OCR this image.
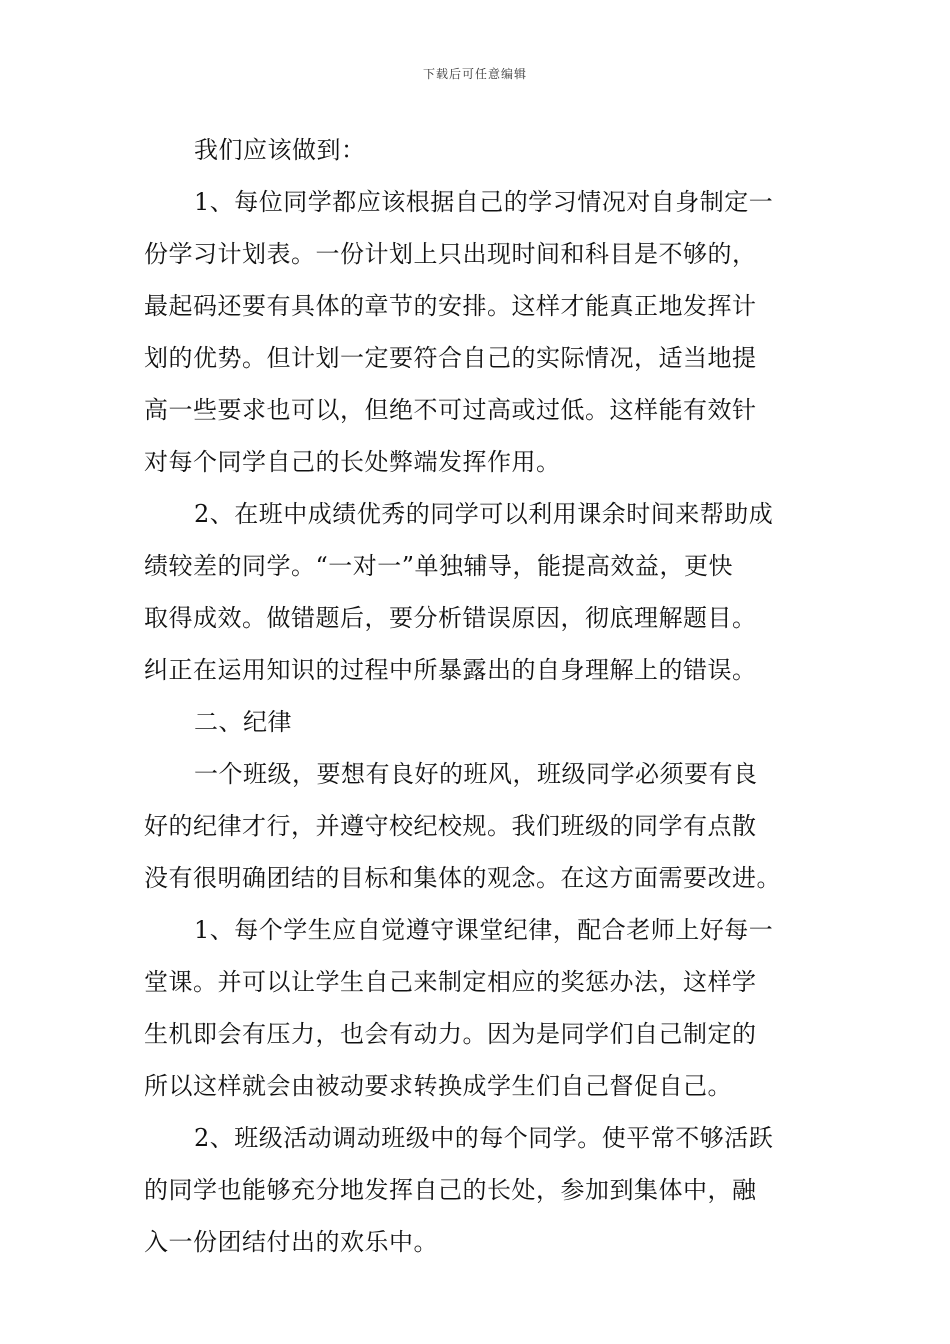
下载后可任意编辑
我们应该做到：
1、每位同学都应该根据自己的学习情况对自身制定一
份学习计划表。一份计划上只出现时间和科目是不够的，
最起码还要有具体的章节的安排。这样才能真正地发挥计
划的优势。但计划一定要符合自己的实际情况，适当地提
高一些要求也可以，但绝不可过高或过低。这样能有效针
对每个同学自己的长处弊端发挥作用。
2、在班中成绩优秀的同学可以利用课余时间来帮助成
绩较差的同学。“一对一”单独辅导，能提高效益，更快
取得成效。做错题后，要分析错误原因，彻底理解题目。
纠正在运用知识的过程中所暴露出的自身理解上的错误。
二、纪律
一个班级，要想有良好的班风，班级同学必须要有良
好的纪律才行，并遵守校纪校规。我们班级的同学有点散
没有很明确团结的目标和集体的观念。在这方面需要改进。
1、每个学生应自觉遵守课堂纪律，配合老师上好每一
堂课。并可以让学生自己来制定相应的奖惩办法，这样学
生机即会有压力，也会有动力。因为是同学们自己制定的
所以这样就会由被动要求转换成学生们自己督促自己。
2、班级活动调动班级中的每个同学。使平常不够活跃
的同学也能够充分地发挥自己的长处，参加到集体中，融
入一份团结付出的欢乐中。
